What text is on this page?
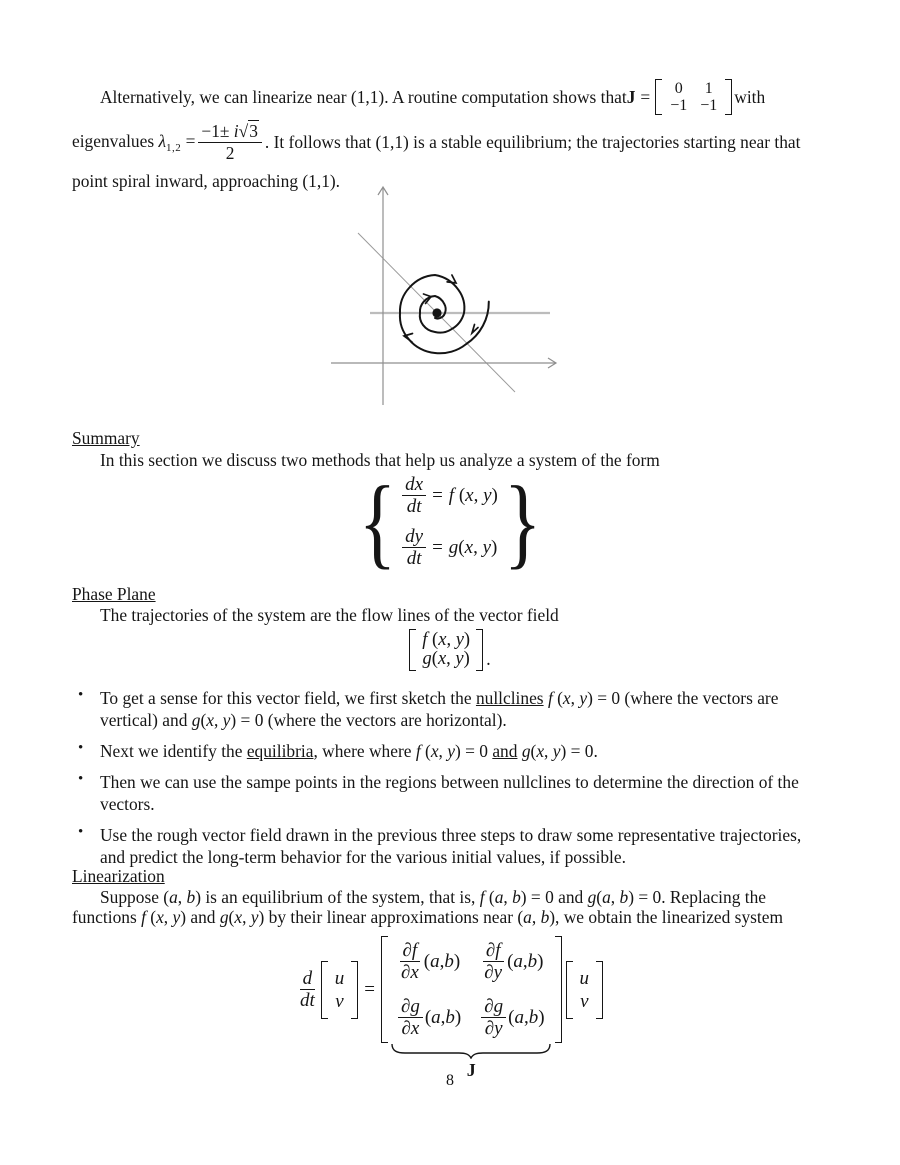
Alternatively, we can linearize near (1,1). A routine computation shows that J =	0 1
−1 −1 with

eigenvalues $\lambda_{1,2} = \frac{-1\pm i√3}{2}$ . It follows that (1,1) is a stable equilibrium; the trajectories starting near that
point spiral inward, approaching (1,1).
Summary
In this section we discuss two methods that help us analyze a system of the form
{ $\frac{dx}{dt} = f$ (x, y)
$\frac{dy}{dt} = g(x$, y) }
Phase Plane
The trajectories of the system are the flow lines of the vector field
f (x, y)
g(x, y) .
• To get a sense for this vector field, we first sketch the nullclines f (x, y) = 0 (where the vectors are
vertical) and g(x, y) = 0 (where the vectors are horizontal).
• Next we identify the equilibria, where where f (x, y) = 0 and g(x, y) = 0.
• Then we can use the sampe points in the regions between nullclines to determine the direction of the
vectors.
• Use the rough vector field drawn in the previous three steps to draw some representative trajectories,
and predict the long-term behavior for the various initial values, if possible.
Linearization
Suppose (a, b) is an equilibrium of the system, that is, f (a, b) = 0 and g(a, b) = 0. Replacing the
functions f (x, y) and g(x, y) by their linear approximations near (a, b), we obtain the linearized system
$\frac{d}{dt}$ u
v
=
$\frac{\partial f}{\partial x} (a,b) \frac{\partial f}{\partial y} (a,b)$
$\frac{\partial g}{\partial x} (a,b) \frac{\partial g}{\partial y} (a,b)$
J
u
v
8
